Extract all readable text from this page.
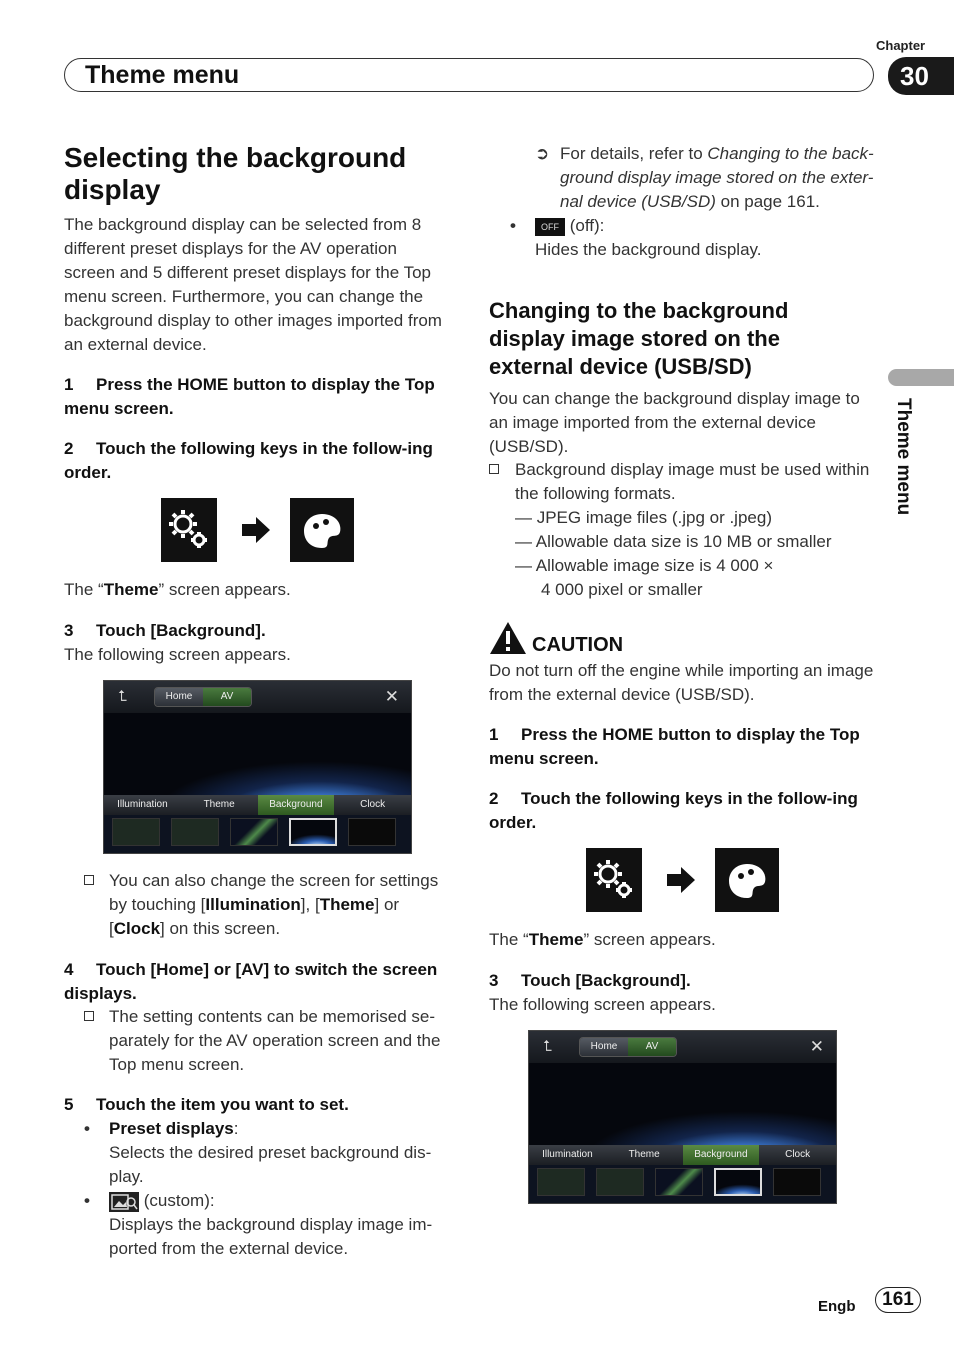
Chapter
30
Theme menu
Theme menu
Selecting the background display
The background display can be selected from 8 different preset displays for the AV operation screen and 5 different preset displays for the Top menu screen. Furthermore, you can change the background display to other images imported from an external device.
1 Press the HOME button to display the Top menu screen.
2 Touch the following keys in the follow-ing order.
The “Theme” screen appears.
3 Touch [Background].
The following screen appears.
⮤	Home	AV	✕
Illumination	Theme	Background	Clock
You can also change the screen for settings by touching [Illumination], [Theme] or [Clock] on this screen.
4 Touch [Home] or [AV] to switch the screen displays.
The setting contents can be memorised se-parately for the AV operation screen and the Top menu screen.
5 Touch the item you want to set.
• Preset displays:
Selects the desired preset background dis-play.
•	(custom):
Displays the background display image im-ported from the external device.
➲ For details, refer to Changing to the back-ground display image stored on the exter-nal device (USB/SD) on page 161.
•	OFF (off):
Hides the background display.
Changing to the background display image stored on the external device (USB/SD)
You can change the background display image to an image imported from the external device (USB/SD).
Background display image must be used within the following formats.
— JPEG image files (.jpg or .jpeg)
— Allowable data size is 10 MB or smaller
— Allowable image size is 4 000 ×
4 000 pixel or smaller
CAUTION
Do not turn off the engine while importing an image from the external device (USB/SD).
1 Press the HOME button to display the Top menu screen.
2 Touch the following keys in the follow-ing order.
The “Theme” screen appears.
3 Touch [Background].
The following screen appears.
⮤	Home	AV	✕
Illumination	Theme	Background	Clock
Engb	161
